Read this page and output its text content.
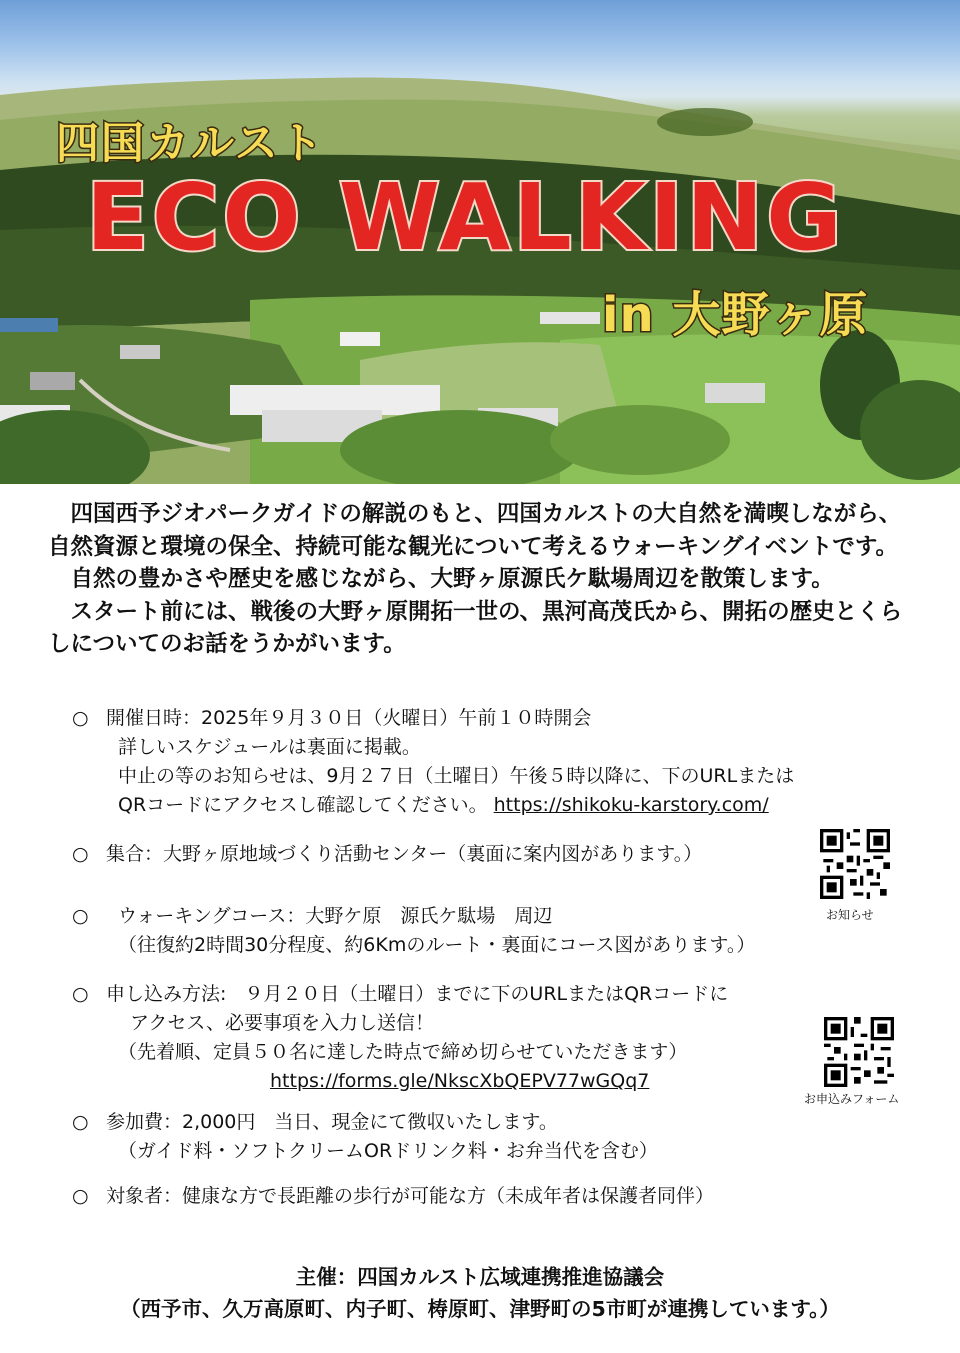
四国カルスト
ECO WALKING
in 大野ヶ原

四国西予ジオパークガイドの解説のもと、四国カルストの大自然を満喫しながら、自然資源と環境の保全、持続可能な観光について考えるウォーキングイベントです。

自然の豊かさや歴史を感じながら、大野ヶ原源氏ケ駄場周辺を散策します。

スタート前には、戦後の大野ヶ原開拓一世の、黒河高茂氏から、開拓の歴史とくらしについてのお話をうかがいます。

○ 開催日時：2025年９月３０日（火曜日）午前１０時開会
詳しいスケジュールは裏面に掲載。
中止の等のお知らせは、9月２７日（土曜日）午後５時以降に、下のURLまたは
QRコードにアクセスし確認してください。 https://shikoku-karstory.com/
○ 集合：大野ヶ原地域づくり活動センター（裏面に案内図があります。）
○	ウォーキングコース：大野ケ原　源氏ケ駄場　周辺
（往復約2時間30分程度、約6Kmのルート・裏面にコース図があります。）
○ 申し込み方法: ９月２０日（土曜日）までに下のURLまたはQRコードに
アクセス、必要事項を入力し送信！
（先着順、定員５０名に達した時点で締め切らせていただきます）
https://forms.gle/NkscXbQEPV77wGQq7
○ 参加費：2,000円　当日、現金にて徴収いたします。
（ガイド料・ソフトクリームORドリンク料・お弁当代を含む）
○ 対象者：健康な方で長距離の歩行が可能な方（未成年者は保護者同伴）
お知らせ
お申込みフォーム
主催：四国カルスト広域連携推進協議会
（西予市、久万高原町、内子町、梼原町、津野町の5市町が連携しています。）
